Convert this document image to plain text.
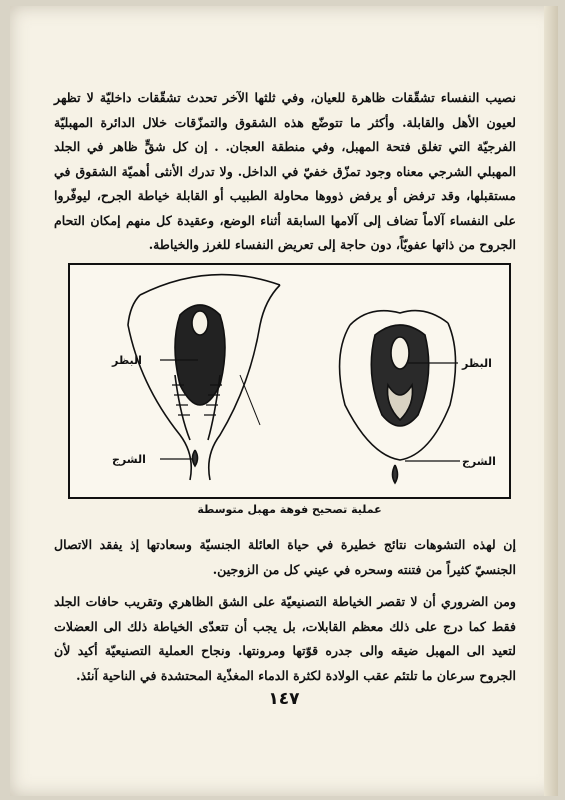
نصيب النفساء تشقّقات ظاهرة للعيان، وفي ثلثها الآخر تحدث تشقّقات داخليّة لا تظهر لعيون الأهل والقابلة. وأكثر ما تتوضّع هذه الشقوق والتمزّقات خلال الدائرة المهبليّة الفرجيّة التي تغلق فتحة المهبل، وفي منطقة العجان. . إن كل شقٍّ ظاهر في الجلد المهبلي الشرجي معناه وجود تمزّق خفيّ في الداخل. ولا تدرك الأنثى أهميّة الشقوق في مستقبلها، وقد ترفض أو يرفض ذووها محاولة الطبيب أو القابلة خياطة الجرح، ليوفّروا على النفساء آلاماً تضاف إلى آلامها السابقة أثناء الوضع، وعقيدة كل منهم إمكان التحام الجروح من ذاتها عفويّاً، دون حاجة إلى تعريض النفساء للغرز والخياطة.

البظر
الشرج
البظر
الشرج
عملية تصحيح فوهة مهبل متوسطة

إن لهذه التشوهات نتائج خطيرة في حياة العائلة الجنسيّة وسعادتها إذ يفقد الاتصال الجنسيّ كثيراً من فتنته وسحره في عيني كل من الزوجين.

ومن الضروري أن لا تقصر الخياطة التصنيعيّة على الشق الظاهري وتقريب حافات الجلد فقط كما درج على ذلك معظم القابلات، بل يجب أن تتعدّى الخياطة ذلك الى العضلات لتعيد الى المهبل ضيقه والى جدره قوّتها ومرونتها. ونجاح العملية التصنيعيّة أكيد لأن الجروح سرعان ما تلتئم عقب الولادة لكثرة الدماء المغذّية المحتشدة في الناحية آنئذ.

١٤٧
